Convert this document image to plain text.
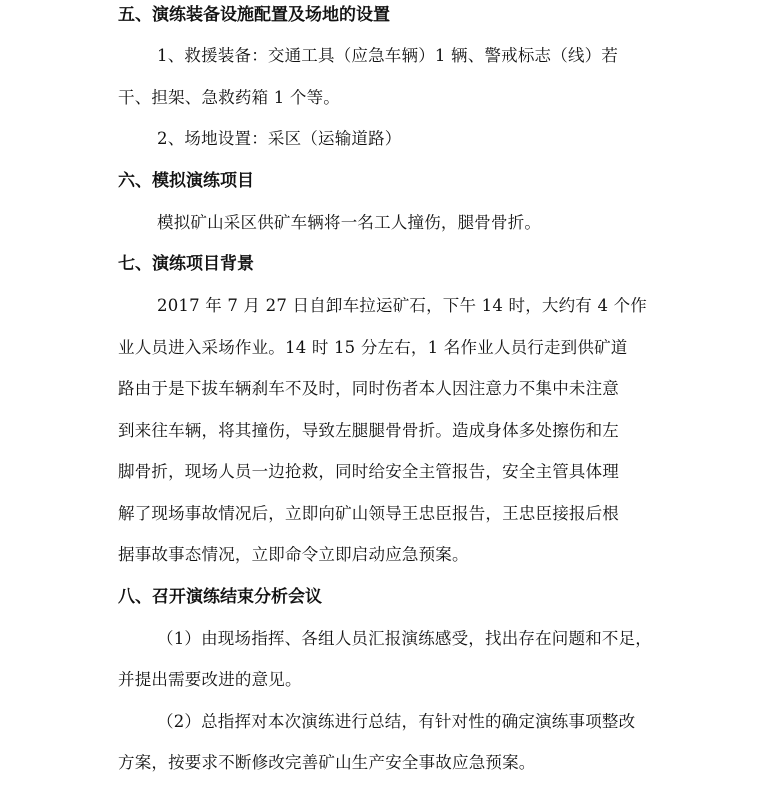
五、演练装备设施配置及场地的设置
1、救援装备：交通工具（应急车辆）1 辆、警戒标志（线）若
干、担架、急救药箱 1 个等。
2、场地设置：采区（运输道路）
六、模拟演练项目
模拟矿山采区供矿车辆将一名工人撞伤，腿骨骨折。
七、演练项目背景
2017 年 7 月 27 日自卸车拉运矿石，下午 14 时，大约有 4 个作
业人员进入采场作业。14 时 15 分左右，1 名作业人员行走到供矿道
路由于是下拔车辆刹车不及时，同时伤者本人因注意力不集中未注意
到来往车辆，将其撞伤，导致左腿腿骨骨折。造成身体多处擦伤和左
脚骨折，现场人员一边抢救，同时给安全主管报告，安全主管具体理
解了现场事故情况后，立即向矿山领导王忠臣报告，王忠臣接报后根
据事故事态情况，立即命令立即启动应急预案。
八、召开演练结束分析会议
（1）由现场指挥、各组人员汇报演练感受，找出存在问题和不足，
并提出需要改进的意见。
（2）总指挥对本次演练进行总结，有针对性的确定演练事项整改
方案，按要求不断修改完善矿山生产安全事故应急预案。
